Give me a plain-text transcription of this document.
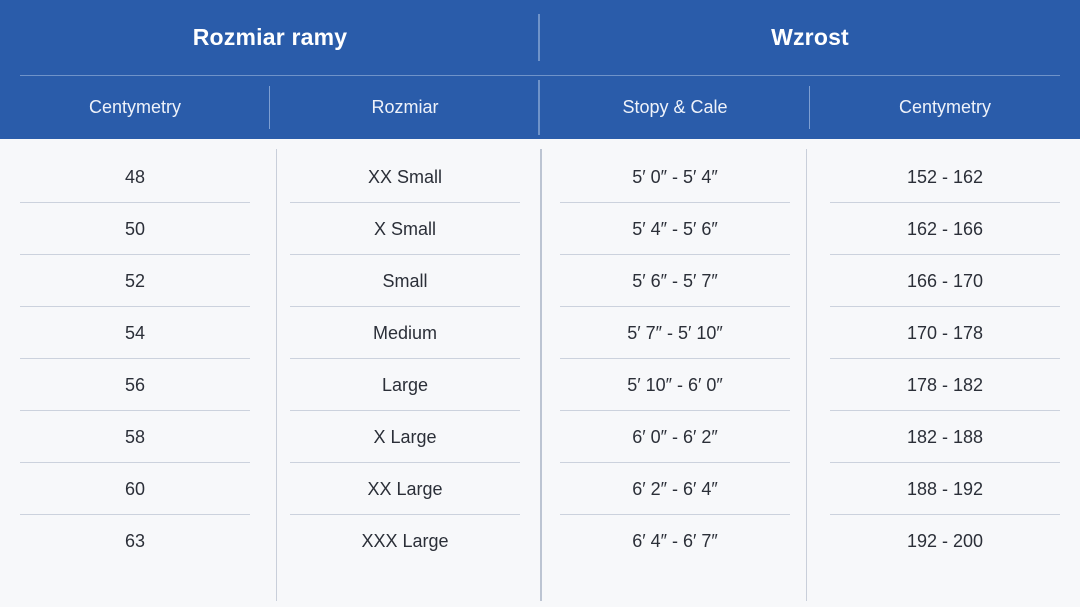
Rozmiar ramy	Wzrost
Centymetry	Rozmiar	Stopy & Cale	Centymetry
48	XX Small	5′ 0″ - 5′ 4″	152 - 162
50	X Small	5′ 4″ - 5′ 6″	162 - 166
52	Small	5′ 6″ - 5′ 7″	166 - 170
54	Medium	5′ 7″ - 5′ 10″	170 - 178
56	Large	5′ 10″ - 6′ 0″	178 - 182
58	X Large	6′ 0″ - 6′ 2″	182 - 188
60	XX Large	6′ 2″ - 6′ 4″	188 - 192
63	XXX Large	6′ 4″ - 6′ 7″	192 - 200
